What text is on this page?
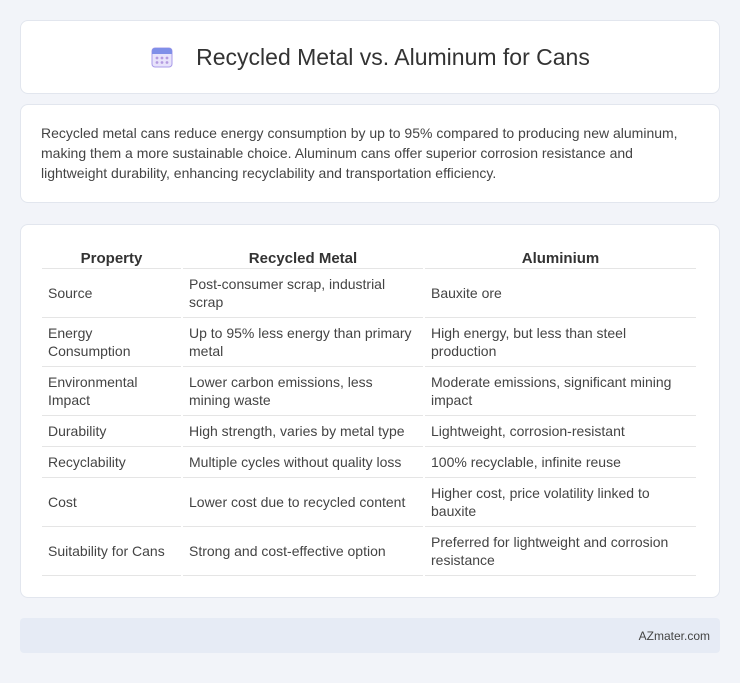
Recycled Metal vs. Aluminum for Cans

Recycled metal cans reduce energy consumption by up to 95% compared to producing new aluminum, making them a more sustainable choice. Aluminum cans offer superior corrosion resistance and lightweight durability, enhancing recyclability and transportation efficiency.

Property	Recycled Metal	Aluminium
Source	Post-consumer scrap, industrial scrap	Bauxite ore
Energy Consumption	Up to 95% less energy than primary metal	High energy, but less than steel production
Environmental Impact	Lower carbon emissions, less mining waste	Moderate emissions, significant mining impact
Durability	High strength, varies by metal type	Lightweight, corrosion-resistant
Recyclability	Multiple cycles without quality loss	100% recyclable, infinite reuse
Cost	Lower cost due to recycled content	Higher cost, price volatility linked to bauxite
Suitability for Cans	Strong and cost-effective option	Preferred for lightweight and corrosion resistance
AZmater.com
